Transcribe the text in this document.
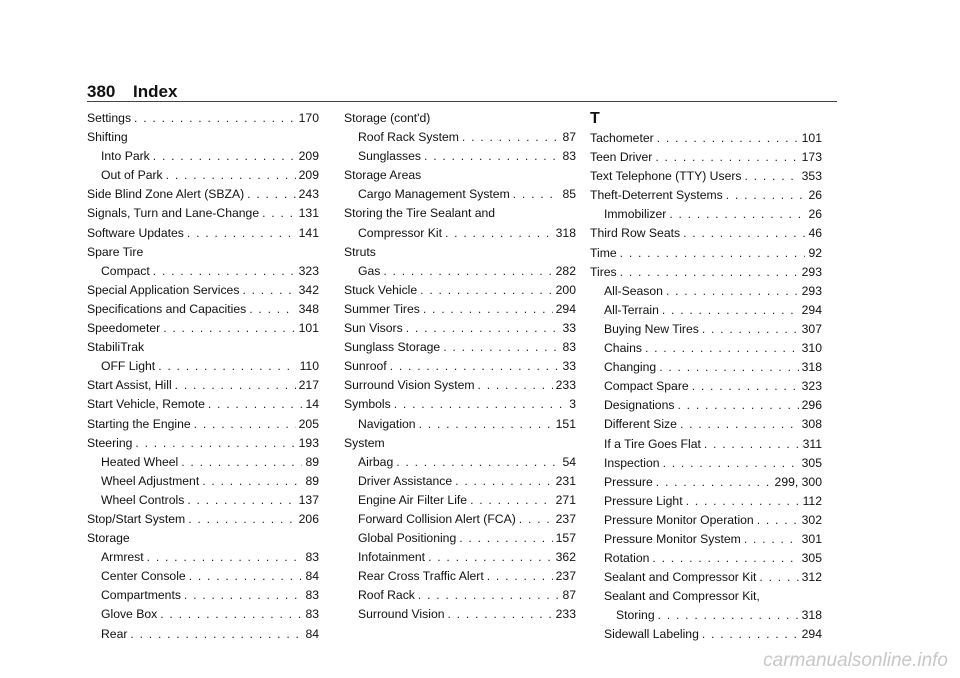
380 Index
Settings . . .	170
Shifting
Into Park . . .	209
Out of Park . . .	209
Side Blind Zone Alert (SBZA) . . .	243
Signals, Turn and Lane-Change . . .	131
Software Updates . . .	141
Spare Tire
Compact . . .	323
Special Application Services . . .	342
Specifications and Capacities . . .	348
Speedometer . . .	101
StabiliTrak
OFF Light . . .	110
Start Assist, Hill . . .	217
Start Vehicle, Remote . . .	14
Starting the Engine . . .	205
Steering . . .	193
Heated Wheel . . .	89
Wheel Adjustment . . .	89
Wheel Controls . . .	137
Stop/Start System . . .	206
Storage
Armrest . . .	83
Center Console . . .	84
Compartments . . .	83
Glove Box . . .	83
Rear . . .	84
Storage (cont'd)
Roof Rack System . . .	87
Sunglasses . . .	83
Storage Areas
Cargo Management System . . .	85
Storing the Tire Sealant and
Compressor Kit . . .	318
Struts
Gas . . .	282
Stuck Vehicle . . .	200
Summer Tires . . .	294
Sun Visors . . .	33
Sunglass Storage . . .	83
Sunroof . . .	33
Surround Vision System . . .	233
Symbols . . .	3
Navigation . . .	151
System
Airbag . . .	54
Driver Assistance . . .	231
Engine Air Filter Life . . .	271
Forward Collision Alert (FCA) . . .	237
Global Positioning . . .	157
Infotainment . . .	362
Rear Cross Traffic Alert . . .	237
Roof Rack . . .	87
Surround Vision . . .	233
T
Tachometer . . .	101
Teen Driver . . .	173
Text Telephone (TTY) Users . . .	353
Theft-Deterrent Systems . . .	26
Immobilizer . . .	26
Third Row Seats . . .	46
Time . . .	92
Tires . . .	293
All-Season . . .	293
All-Terrain . . .	294
Buying New Tires . . .	307
Chains . . .	310
Changing . . .	318
Compact Spare . . .	323
Designations . . .	296
Different Size . . .	308
If a Tire Goes Flat . . .	311
Inspection . . .	305
Pressure . . .	299, 300
Pressure Light . . .	112
Pressure Monitor Operation . . .	302
Pressure Monitor System . . .	301
Rotation . . .	305
Sealant and Compressor Kit . . .	312
Sealant and Compressor Kit,
Storing . . .	318
Sidewall Labeling . . .	294
carmanualsonline.info
